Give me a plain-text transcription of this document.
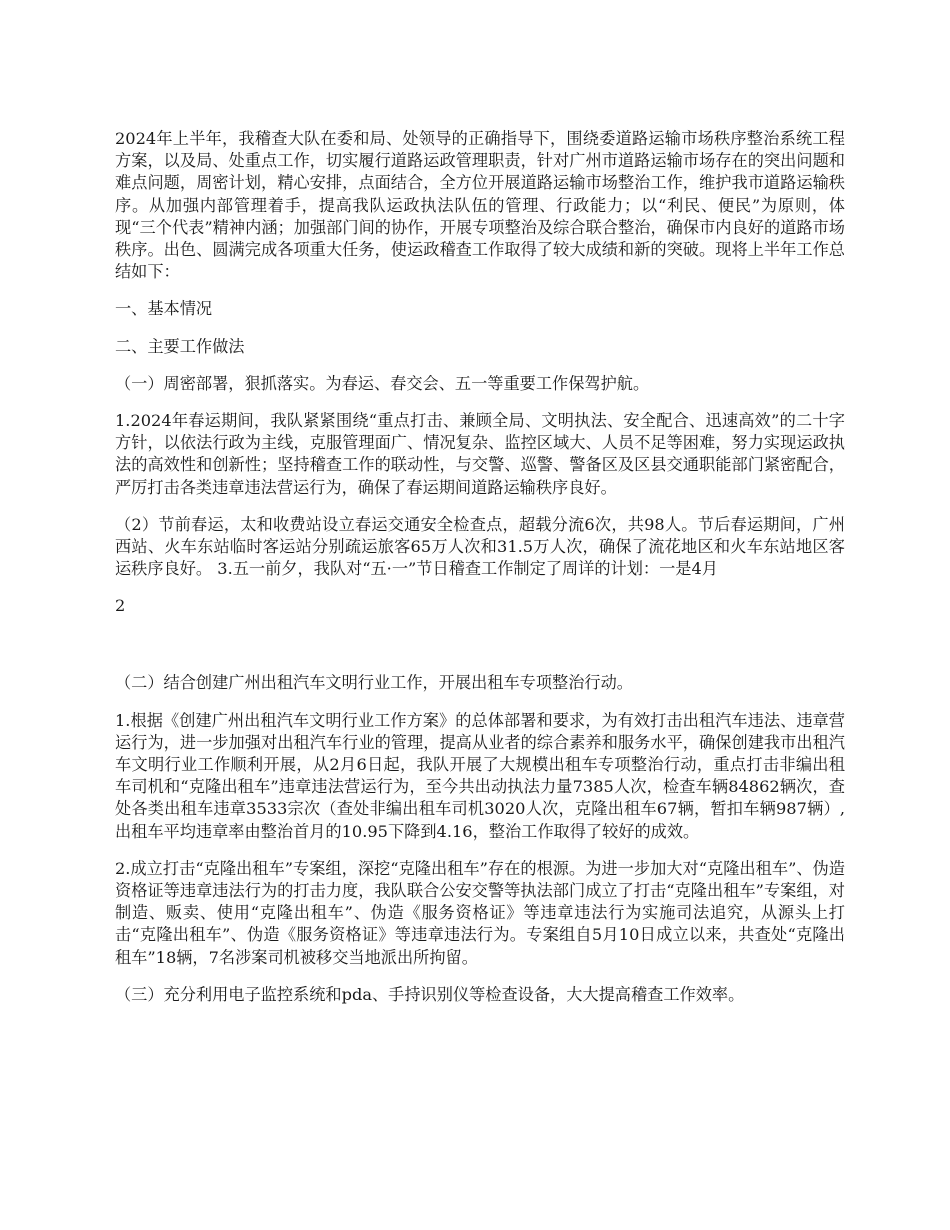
2024年上半年，我稽查大队在委和局、处领导的正确指导下，围绕委道路运输市场秩序整治系统工程方案，以及局、处重点工作，切实履行道路运政管理职责，针对广州市道路运输市场存在的突出问题和难点问题，周密计划，精心安排，点面结合，全方位开展道路运输市场整治工作，维护我市道路运输秩序。从加强内部管理着手，提高我队运政执法队伍的管理、行政能力；以“利民、便民”为原则，体现“三个代表”精神内涵；加强部门间的协作，开展专项整治及综合联合整治，确保市内良好的道路市场秩序。出色、圆满完成各项重大任务，使运政稽查工作取得了较大成绩和新的突破。现将上半年工作总结如下：

一、基本情况

二、主要工作做法

（一）周密部署，狠抓落实。为春运、春交会、五一等重要工作保驾护航。

1.2024年春运期间，我队紧紧围绕“重点打击、兼顾全局、文明执法、安全配合、迅速高效”的二十字方针，以依法行政为主线，克服管理面广、情况复杂、监控区域大、人员不足等困难，努力实现运政执法的高效性和创新性；坚持稽查工作的联动性，与交警、巡警、警备区及区县交通职能部门紧密配合，严厉打击各类违章违法营运行为，确保了春运期间道路运输秩序良好。

（2）节前春运，太和收费站设立春运交通安全检查点，超载分流6次，共98人。节后春运期间，广州西站、火车东站临时客运站分别疏运旅客65万人次和31.5万人次，确保了流花地区和火车东站地区客运秩序良好。 3.五一前夕，我队对“五·一”节日稽查工作制定了周详的计划：一是4月

2

（二）结合创建广州出租汽车文明行业工作，开展出租车专项整治行动。

1.根据《创建广州出租汽车文明行业工作方案》的总体部署和要求，为有效打击出租汽车违法、违章营运行为，进一步加强对出租汽车行业的管理，提高从业者的综合素养和服务水平，确保创建我市出租汽车文明行业工作顺利开展，从2月6日起，我队开展了大规模出租车专项整治行动，重点打击非编出租车司机和“克隆出租车”违章违法营运行为，至今共出动执法力量7385人次，检查车辆84862辆次，查处各类出租车违章3533宗次（查处非编出租车司机3020人次，克隆出租车67辆，暂扣车辆987辆）,出租车平均违章率由整治首月的10.95下降到4.16，整治工作取得了较好的成效。

2.成立打击“克隆出租车”专案组，深挖“克隆出租车”存在的根源。为进一步加大对“克隆出租车”、伪造资格证等违章违法行为的打击力度，我队联合公安交警等执法部门成立了打击“克隆出租车”专案组，对制造、贩卖、使用“克隆出租车”、伪造《服务资格证》等违章违法行为实施司法追究，从源头上打击“克隆出租车”、伪造《服务资格证》等违章违法行为。专案组自5月10日成立以来，共查处“克隆出租车”18辆，7名涉案司机被移交当地派出所拘留。

（三）充分利用电子监控系统和pda、手持识别仪等检查设备，大大提高稽查工作效率。
